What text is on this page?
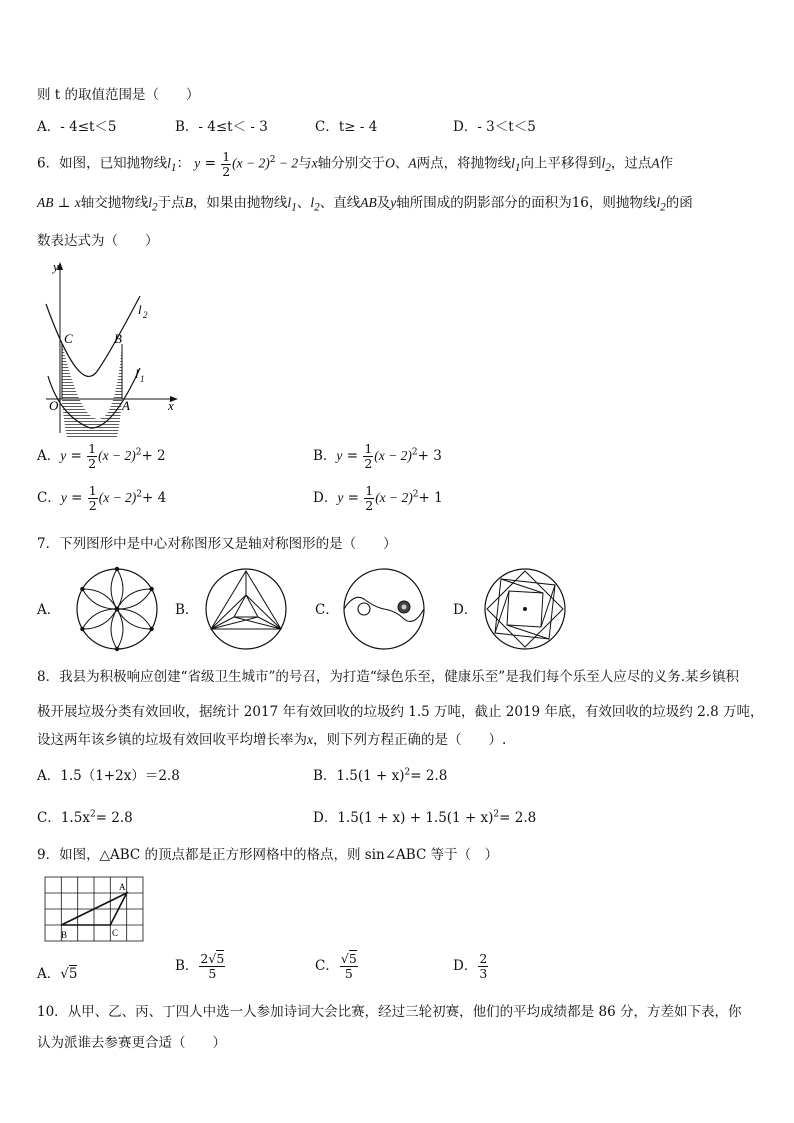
则 t 的取值范围是（　　）
A．- 4≤t＜5	B．- 4≤t＜ - 3	C．t≥ - 4	D．- 3＜t＜5
6．如图，已知抛物线$l_1$： $y = \frac{1}{2} (x - 2)^2 - 2$与x轴分别交于O、A两点，将抛物线$l_1$向上平移得到$l_2$，过点A作
AB ⊥ x轴交抛物线$l_2$于点B，如果由抛物线$l_1$、$l_2$、直线AB及y轴所围成的阴影部分的面积为16，则抛物线$l_2$的函
数表达式为（　　）
y
x
l 2
l 1
C	B
O	A
A．$y = \frac{1}{2} (x - 2)^2+ 2$	B．$y = \frac{1}{2} (x - 2)^2+ 3$
C．$y = \frac{1}{2} (x - 2)^2+ 4$	D．$y = \frac{1}{2} (x - 2)^2+ 1$
7．下列图形中是中心对称图形又是轴对称图形的是（　　）
A．	B．	C．	D．
8．我县为积极响应创建“省级卫生城市”的号召，为打造“绿色乐至，健康乐至”是我们每个乐至人应尽的义务.某乡镇积
极开展垃圾分类有效回收，据统计 2017 年有效回收的垃圾约 1.5 万吨，截止 2019 年底，有效回收的垃圾约 2.8 万吨，
设这两年该乡镇的垃圾有效回收平均增长率为x，则下列方程正确的是（　　）.
A．1.5（1+2x）＝2.8	B．$1.5(1 + x)^2= 2.8$
C．$1.5x^2= 2.8$	D．$1.5(1 + x) + 1.5(1 + x)^2= 2.8$
9．如图，△ABC 的顶点都是正方形网格中的格点，则 sin∠ABC 等于（　）
A
B	C
A．√5	B． $\frac{2√5}{5}$	C． $\frac{√5}{5}$	D． $\frac{2}{3}$
10．从甲、乙、丙、丁四人中选一人参加诗词大会比赛，经过三轮初赛，他们的平均成绩都是 86 分，方差如下表，你
认为派谁去参赛更合适（　　）
